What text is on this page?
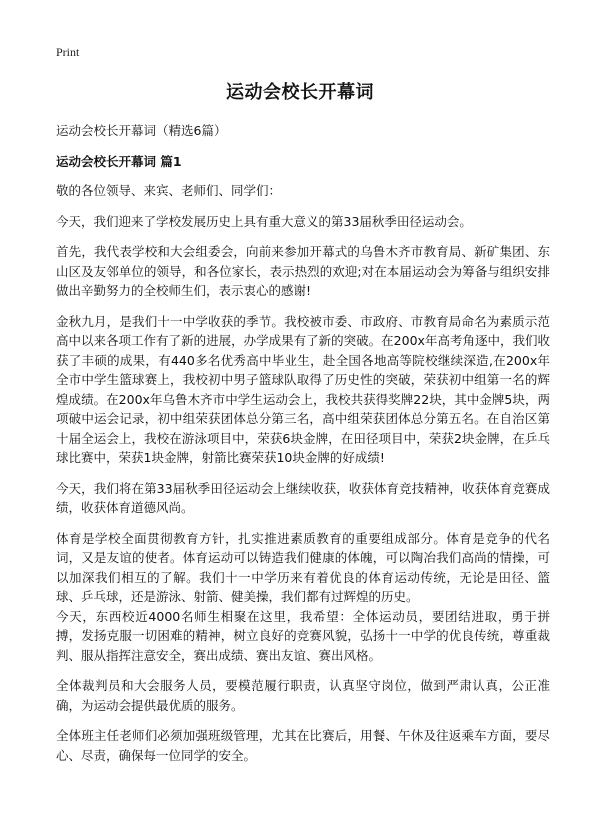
Print
运动会校长开幕词

运动会校长开幕词（精选6篇）

运动会校长开幕词 篇1

敬的各位领导、来宾、老师们、同学们：

今天，我们迎来了学校发展历史上具有重大意义的第33届秋季田径运动会。

首先，我代表学校和大会组委会，向前来参加开幕式的乌鲁木齐市教育局、新矿集团、东山区及友邻单位的领导，和各位家长，表示热烈的欢迎;对在本届运动会为筹备与组织安排做出辛勤努力的全校师生们，表示衷心的感谢!

金秋九月，是我们十一中学收获的季节。我校被市委、市政府、市教育局命名为素质示范高中以来各项工作有了新的进展，办学成果有了新的突破。在200x年高考角逐中，我们收获了丰硕的成果，有440多名优秀高中毕业生，赴全国各地高等院校继续深造,在200x年全市中学生篮球赛上，我校初中男子篮球队取得了历史性的突破，荣获初中组第一名的辉煌成绩。在200x年乌鲁木齐市中学生运动会上，我校共获得奖牌22块，其中金牌5块，两项破中运会记录，初中组荣获团体总分第三名，高中组荣获团体总分第五名。在自治区第十届全运会上，我校在游泳项目中，荣获6块金牌，在田径项目中，荣获2块金牌，在乒乓球比赛中，荣获1块金牌，射箭比赛荣获10块金牌的好成绩!

今天，我们将在第33届秋季田径运动会上继续收获，收获体育竞技精神，收获体育竞赛成绩，收获体育道德风尚。

体育是学校全面贯彻教育方针，扎实推进素质教育的重要组成部分。体育是竞争的代名词，又是友谊的使者。体育运动可以铸造我们健康的体魄，可以陶冶我们高尚的情操，可以加深我们相互的了解。我们十一中学历来有着优良的体育运动传统，无论是田径、篮球、乒乓球，还是游泳、射箭、健美操，我们都有过辉煌的历史。

今天，东西校近4000名师生相聚在这里，我希望：全体运动员，要团结进取，勇于拼搏，发扬克服一切困难的精神，树立良好的竞赛风貌，弘扬十一中学的优良传统，尊重裁判、服从指挥注意安全，赛出成绩、赛出友谊、赛出风格。

全体裁判员和大会服务人员，要模范履行职责，认真坚守岗位，做到严肃认真，公正准确，为运动会提供最优质的服务。

全体班主任老师们必须加强班级管理，尤其在比赛后，用餐、午休及往返乘车方面，要尽心、尽责，确保每一位同学的安全。
